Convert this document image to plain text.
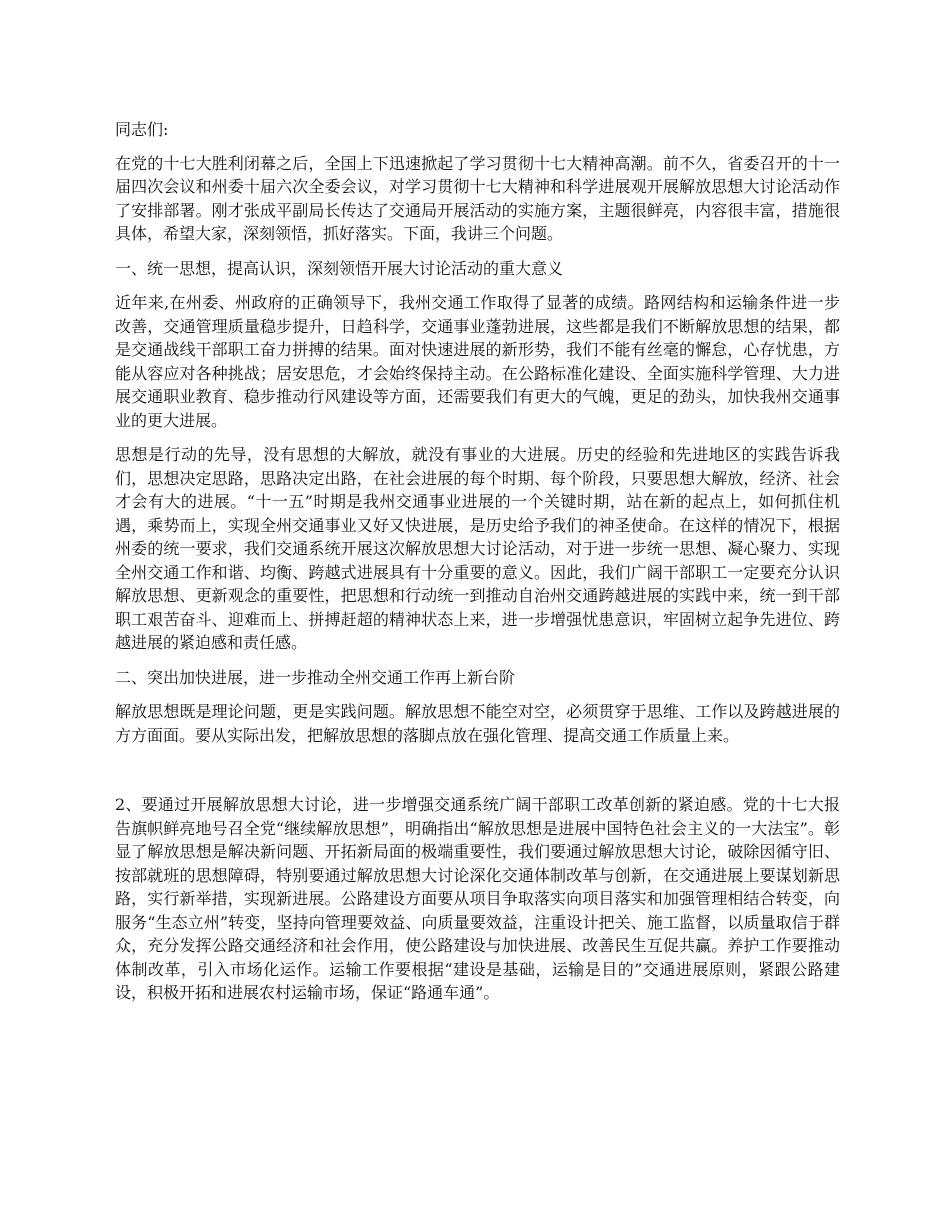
同志们:

在党的十七大胜利闭幕之后，全国上下迅速掀起了学习贯彻十七大精神高潮。前不久，省委召开的十一届四次会议和州委十届六次全委会议，对学习贯彻十七大精神和科学进展观开展解放思想大讨论活动作了安排部署。刚才张成平副局长传达了交通局开展活动的实施方案，主题很鲜亮，内容很丰富，措施很具体，希望大家，深刻领悟，抓好落实。下面，我讲三个问题。

一、统一思想，提高认识，深刻领悟开展大讨论活动的重大意义

近年来,在州委、州政府的正确领导下，我州交通工作取得了显著的成绩。路网结构和运输条件进一步改善，交通管理质量稳步提升，日趋科学，交通事业蓬勃进展，这些都是我们不断解放思想的结果，都是交通战线干部职工奋力拼搏的结果。面对快速进展的新形势，我们不能有丝毫的懈怠，心存忧患，方能从容应对各种挑战；居安思危，才会始终保持主动。在公路标准化建设、全面实施科学管理、大力进展交通职业教育、稳步推动行风建设等方面，还需要我们有更大的气魄，更足的劲头，加快我州交通事业的更大进展。

思想是行动的先导，没有思想的大解放，就没有事业的大进展。历史的经验和先进地区的实践告诉我们，思想决定思路，思路决定出路，在社会进展的每个时期、每个阶段，只要思想大解放，经济、社会才会有大的进展。“十一五”时期是我州交通事业进展的一个关键时期，站在新的起点上，如何抓住机遇，乘势而上，实现全州交通事业又好又快进展，是历史给予我们的神圣使命。在这样的情况下，根据州委的统一要求，我们交通系统开展这次解放思想大讨论活动，对于进一步统一思想、凝心聚力、实现全州交通工作和谐、均衡、跨越式进展具有十分重要的意义。因此，我们广阔干部职工一定要充分认识解放思想、更新观念的重要性，把思想和行动统一到推动自治州交通跨越进展的实践中来，统一到干部职工艰苦奋斗、迎难而上、拼搏赶超的精神状态上来，进一步增强忧患意识，牢固树立起争先进位、跨越进展的紧迫感和责任感。

二、突出加快进展，进一步推动全州交通工作再上新台阶

解放思想既是理论问题，更是实践问题。解放思想不能空对空，必须贯穿于思维、工作以及跨越进展的方方面面。要从实际出发，把解放思想的落脚点放在强化管理、提高交通工作质量上来。

2、要通过开展解放思想大讨论，进一步增强交通系统广阔干部职工改革创新的紧迫感。党的十七大报告旗帜鲜亮地号召全党“继续解放思想”，明确指出“解放思想是进展中国特色社会主义的一大法宝”。彰显了解放思想是解决新问题、开拓新局面的极端重要性，我们要通过解放思想大讨论，破除因循守旧、按部就班的思想障碍，特别要通过解放思想大讨论深化交通体制改革与创新，在交通进展上要谋划新思路，实行新举措，实现新进展。公路建设方面要从项目争取落实向项目落实和加强管理相结合转变，向服务“生态立州”转变，坚持向管理要效益、向质量要效益，注重设计把关、施工监督，以质量取信于群众，充分发挥公路交通经济和社会作用，使公路建设与加快进展、改善民生互促共赢。养护工作要推动体制改革，引入市场化运作。运输工作要根据“建设是基础，运输是目的”交通进展原则，紧跟公路建设，积极开拓和进展农村运输市场，保证“路通车通”。
